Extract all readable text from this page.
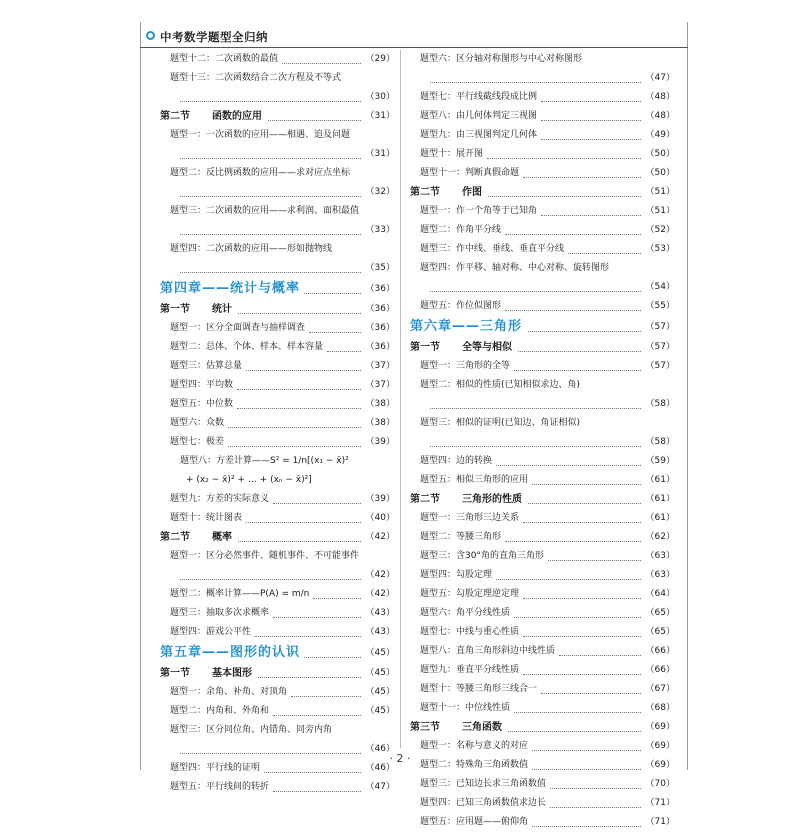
中考数学题型全归纳
题型十二： 二次函数的最值	（29）
题型十三： 二次函数结合二次方程及不等式
（30）
第二节 函数的应用	（31）
题型一： 一次函数的应用——相遇、追及问题
（31）
题型二： 反比例函数的应用——求对应点坐标
（32）
题型三： 二次函数的应用——求利润、面积最值
（33）
题型四： 二次函数的应用——形如抛物线
（35）
第四章——统计与概率	（36）
第一节 统计	（36）
题型一： 区分全面调查与抽样调查	（36）
题型二： 总体、个体、样本、样本容量	（36）
题型三： 估算总量	（37）
题型四： 平均数	（37）
题型五： 中位数	（38）
题型六： 众数	（38）
题型七： 极差	（39）
题型八：方差计算——S² = 1/n[(x₁ − x̄)²
+ (x₂ − x̄)² + … + (xₙ − x̄)²]
题型九： 方差的实际意义	（39）
题型十： 统计图表	（40）
第二节 概率	（42）
题型一： 区分必然事件、随机事件、不可能事件
（42）
题型二： 概率计算——P(A) = m/n	（42）
题型三： 抽取多次求概率	（43）
题型四： 游戏公平性	（43）
第五章——图形的认识	（45）
第一节 基本图形	（45）
题型一： 余角、补角、对顶角	（45）
题型二： 内角和、外角和	（45）
题型三： 区分同位角、内错角、同旁内角
（46）
题型四： 平行线的证明	（46）
题型五： 平行线间的转折	（47）
题型六： 区分轴对称图形与中心对称图形
（47）
题型七： 平行线截线段成比例	（48）
题型八： 由几何体判定三视图	（48）
题型九： 由三视图判定几何体	（49）
题型十： 展开图	（50）
题型十一： 判断真假命题	（50）
第二节 作图	（51）
题型一： 作一个角等于已知角	（51）
题型二： 作角平分线	（52）
题型三： 作中线、垂线、垂直平分线	（53）
题型四： 作平移、轴对称、中心对称、旋转图形
（54）
题型五： 作位似图形	（55）
第六章——三角形	（57）
第一节 全等与相似	（57）
题型一： 三角形的全等	（57）
题型二： 相似的性质(已知相似求边、角)
（58）
题型三： 相似的证明(已知边、角证相似)
（58）
题型四： 边的转换	（59）
题型五： 相似三角形的应用	（61）
第二节 三角形的性质	（61）
题型一： 三角形三边关系	（61）
题型二： 等腰三角形	（62）
题型三： 含30°角的直角三角形	（63）
题型四： 勾股定理	（63）
题型五： 勾股定理逆定理	（64）
题型六： 角平分线性质	（65）
题型七： 中线与重心性质	（65）
题型八： 直角三角形斜边中线性质	（66）
题型九： 垂直平分线性质	（66）
题型十： 等腰三角形三线合一	（67）
题型十一： 中位线性质	（68）
第三节 三角函数	（69）
题型一： 名称与意义的对应	（69）
题型二： 特殊角三角函数值	（69）
题型三： 已知边长求三角函数值	（70）
题型四： 已知三角函数值求边长	（71）
题型五： 应用题——俯仰角	（71）
· 2 ·
